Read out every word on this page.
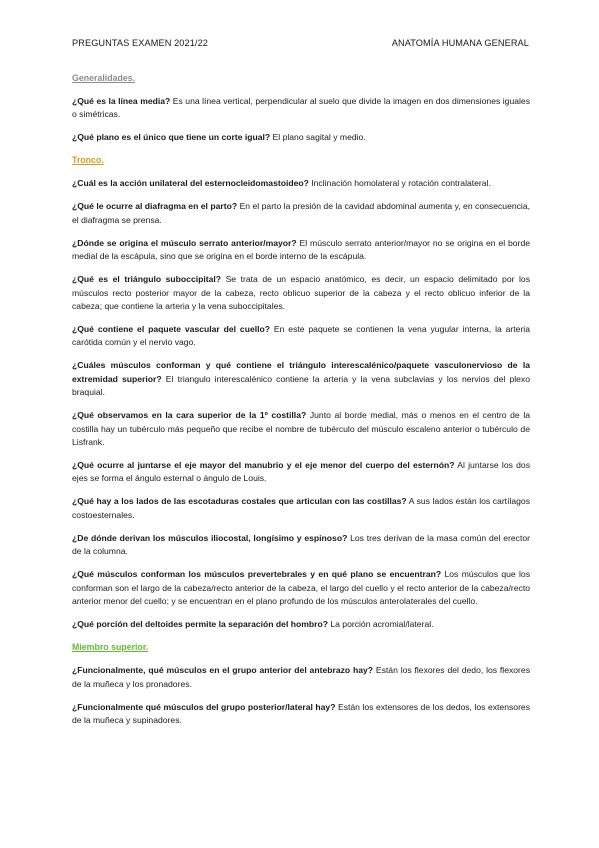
PREGUNTAS EXAMEN 2021/22	ANATOMÍA HUMANA GENERAL
Generalidades.

¿Qué es la línea media? Es una línea vertical, perpendicular al suelo que divide la imagen en dos dimensiones iguales o simétricas.

¿Qué plano es el único que tiene un corte igual? El plano sagital y medio.

Tronco.

¿Cuál es la acción unilateral del esternocleidomastoideo? Inclinación homolateral y rotación contralateral.

¿Qué le ocurre al diafragma en el parto? En el parto la presión de la cavidad abdominal aumenta y, en consecuencia, el diafragma se prensa.

¿Dónde se origina el músculo serrato anterior/mayor? El músculo serrato anterior/mayor no se origina en el borde medial de la escápula, sino que se origina en el borde interno de la escápula.

¿Qué es el triángulo suboccipital? Se trata de un espacio anatómico, es decir, un espacio delimitado por los músculos recto posterior mayor de la cabeza, recto oblicuo superior de la cabeza y el recto oblicuo inferior de la cabeza; que contiene la arteria y la vena suboccipitales.

¿Qué contiene el paquete vascular del cuello? En este paquete se contienen la vena yugular interna, la arteria carótida común y el nervio vago.

¿Cuáles músculos conforman y qué contiene el triángulo interescalénico/paquete vasculonervioso de la extremidad superior? El triangulo interescalénico contiene la arteria y la vena subclavias y los nervios del plexo braquial.

¿Qué observamos en la cara superior de la 1º costilla? Junto al borde medial, más o menos en el centro de la costilla hay un tubérculo más pequeño que recibe el nombre de tubérculo del músculo escaleno anterior o tubérculo de Lisfrank.

¿Qué ocurre al juntarse el eje mayor del manubrio y el eje menor del cuerpo del esternón? Al juntarse los dos ejes se forma el ángulo esternal o ángulo de Louis.

¿Qué hay a los lados de las escotaduras costales que articulan con las costillas? A sus lados están los cartílagos costoesternales.

¿De dónde derivan los músculos iliocostal, longísimo y espinoso? Los tres derivan de la masa común del erector de la columna.

¿Qué músculos conforman los músculos prevertebrales y en qué plano se encuentran? Los músculos que los conforman son el largo de la cabeza/recto anterior de la cabeza, el largo del cuello y el recto anterior de la cabeza/recto anterior menor del cuello; y se encuentran en el plano profundo de los músculos anterolaterales del cuello.

¿Qué porción del deltoides permite la separación del hombro? La porción acromial/lateral.

Miembro superior.

¿Funcionalmente, qué músculos en el grupo anterior del antebrazo hay? Están los flexores del dedo, los flexores de la muñeca y los pronadores.

¿Funcionalmente qué músculos del grupo posterior/lateral hay? Están los extensores de los dedos, los extensores de la muñeca y supinadores.
